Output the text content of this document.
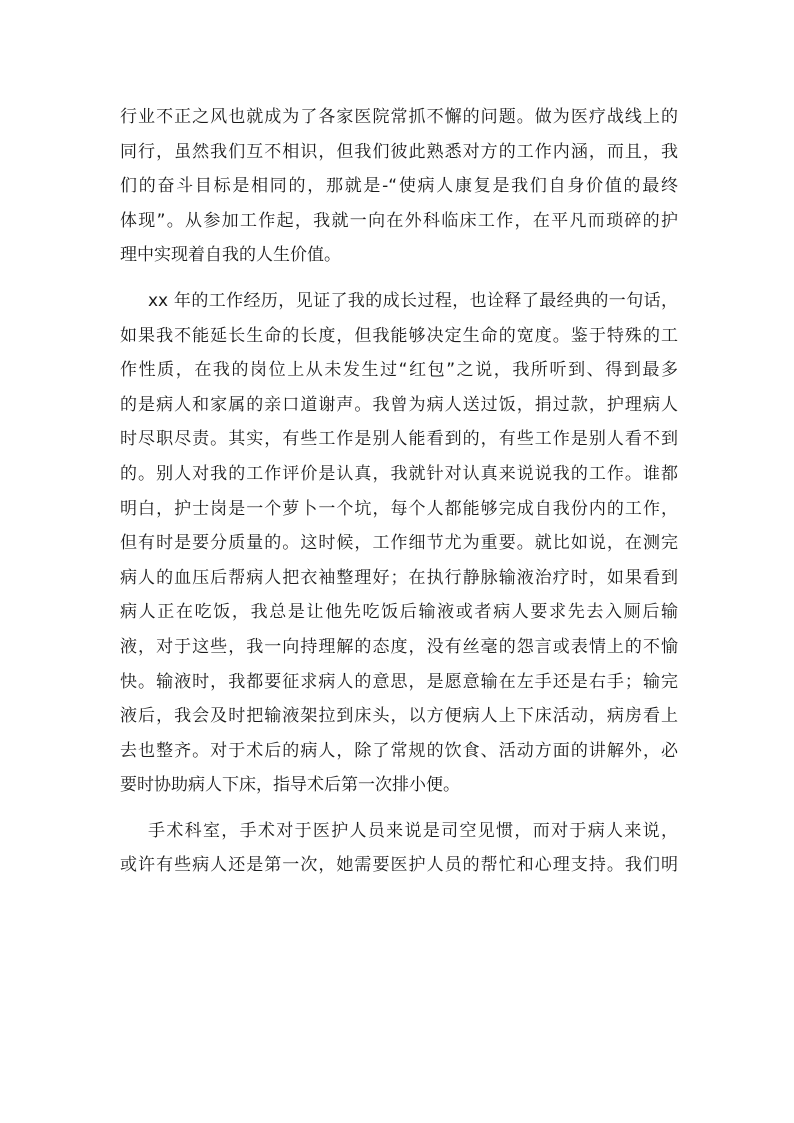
行业不正之风也就成为了各家医院常抓不懈的问题。做为医疗战线上的
同行，虽然我们互不相识，但我们彼此熟悉对方的工作内涵，而且，我
们的奋斗目标是相同的，那就是-“使病人康复是我们自身价值的最终
体现”。从参加工作起，我就一向在外科临床工作，在平凡而琐碎的护
理中实现着自我的人生价值。
xx 年的工作经历，见证了我的成长过程，也诠释了最经典的一句话，
如果我不能延长生命的长度，但我能够决定生命的宽度。鉴于特殊的工
作性质，在我的岗位上从未发生过“红包”之说，我所听到、得到最多
的是病人和家属的亲口道谢声。我曾为病人送过饭，捐过款，护理病人
时尽职尽责。其实，有些工作是别人能看到的，有些工作是别人看不到
的。别人对我的工作评价是认真，我就针对认真来说说我的工作。谁都
明白，护士岗是一个萝卜一个坑，每个人都能够完成自我份内的工作，
但有时是要分质量的。这时候，工作细节尤为重要。就比如说，在测完
病人的血压后帮病人把衣袖整理好；在执行静脉输液治疗时，如果看到
病人正在吃饭，我总是让他先吃饭后输液或者病人要求先去入厕后输
液，对于这些，我一向持理解的态度，没有丝毫的怨言或表情上的不愉
快。输液时，我都要征求病人的意思，是愿意输在左手还是右手；输完
液后，我会及时把输液架拉到床头，以方便病人上下床活动，病房看上
去也整齐。对于术后的病人，除了常规的饮食、活动方面的讲解外，必
要时协助病人下床，指导术后第一次排小便。
手术科室，手术对于医护人员来说是司空见惯，而对于病人来说，
或许有些病人还是第一次，她需要医护人员的帮忙和心理支持。我们明
